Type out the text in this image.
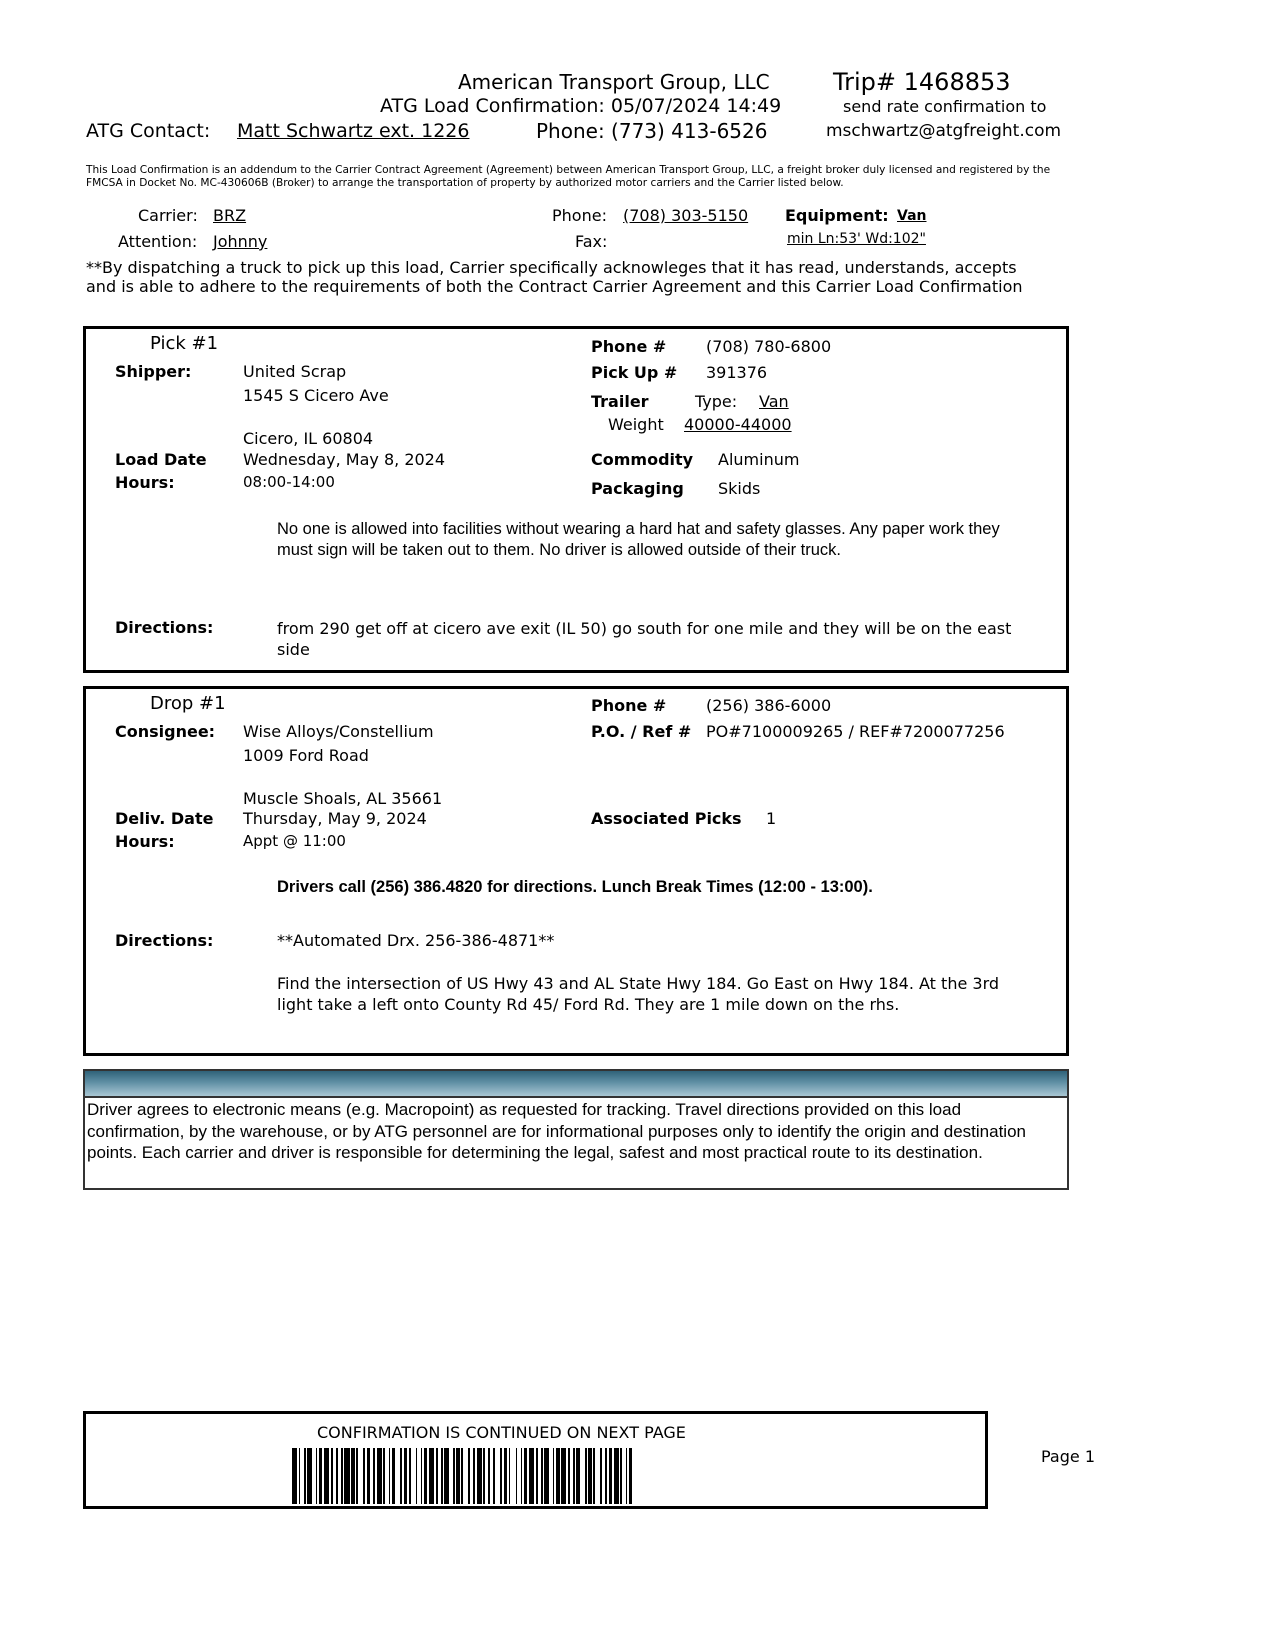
American Transport Group, LLC
ATG Load Confirmation: 05/07/2024 14:49
Trip# 1468853
send rate confirmation to
ATG Contact: Matt Schwartz ext. 1226	Phone: (773) 413-6526	mschwartz@atgfreight.com
This Load Confirmation is an addendum to the Carrier Contract Agreement (Agreement) between American Transport Group, LLC, a freight broker duly licensed and registered by the FMCSA in Docket No. MC-430606B (Broker) to arrange the transportation of property by authorized motor carriers and the Carrier listed below.
Carrier: BRZ
Attention: Johnny
Phone: (708) 303-5150
Fax:
Equipment: Van
min Ln:53' Wd:102"
**By dispatching a truck to pick up this load, Carrier specifically acknowleges that it has read, understands, accepts and is able to adhere to the requirements of both the Contract Carrier Agreement and this Carrier Load Confirmation
Pick #1
Shipper:	United Scrap
1545 S Cicero Ave
Cicero, IL 60804
Load Date Wednesday, May 8, 2024
Hours:	08:00-14:00
Phone # (708) 780-6800
Pick Up # 391376
Trailer	Type: Van
Weight 40000-44000
Commodity Aluminum
Packaging Skids
No one is allowed into facilities without wearing a hard hat and safety glasses. Any paper work they must sign will be taken out to them. No driver is allowed outside of their truck.
Directions:	from 290 get off at cicero ave exit (IL 50) go south for one mile and they will be on the east side
Drop #1
Consignee: Wise Alloys/Constellium
1009 Ford Road
Muscle Shoals, AL 35661
Deliv. Date Thursday, May 9, 2024
Hours:	Appt @ 11:00
Phone # (256) 386-6000
P.O. / Ref # PO#7100009265 / REF#7200077256
Associated Picks 1
Drivers call (256) 386.4820 for directions. Lunch Break Times (12:00 - 13:00).
Directions:	**Automated Drx. 256-386-4871**
Find the intersection of US Hwy 43 and AL State Hwy 184. Go East on Hwy 184. At the 3rd light take a left onto County Rd 45/ Ford Rd. They are 1 mile down on the rhs.
Driver agrees to electronic means (e.g. Macropoint) as requested for tracking. Travel directions provided on this load confirmation, by the warehouse, or by ATG personnel are for informational purposes only to identify the origin and destination points. Each carrier and driver is responsible for determining the legal, safest and most practical route to its destination.
CONFIRMATION IS CONTINUED ON NEXT PAGE
Page 1
